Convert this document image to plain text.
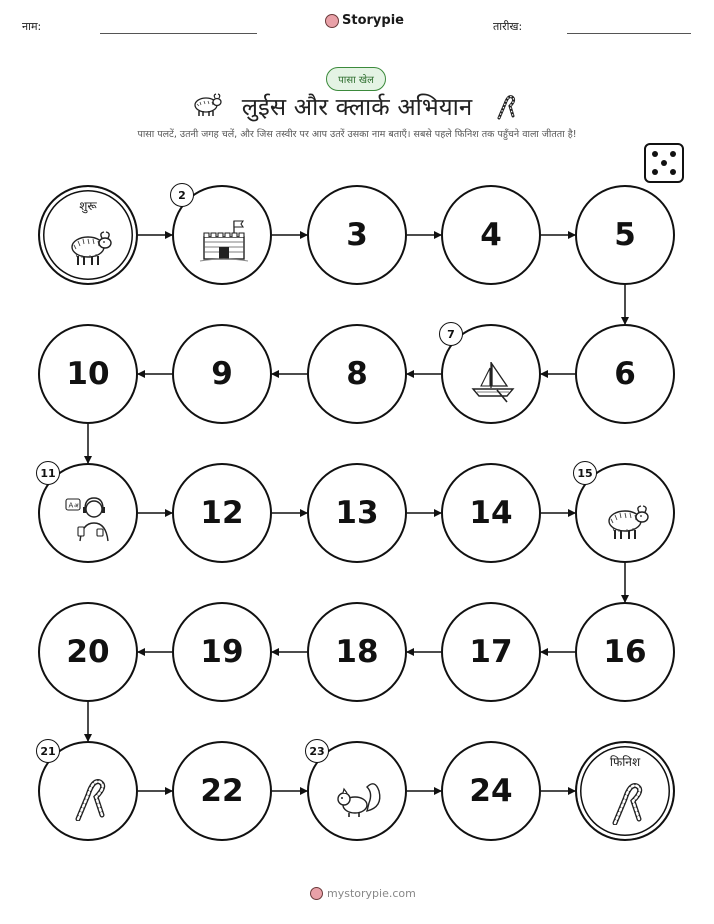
नाम:	Storypie	तारीख:
पासा खेल
लुईस और क्लार्क अभियान
पासा पलटें, उतनी जगह चलें, और जिस तस्वीर पर आप उतरें उसका नाम बताएँ। सबसे पहले फिनिश तक पहुँचने वाला जीतता है!
शुरू
2
3	4	5
6
7
8
9
10
A अ
11
12	13	14
15
16
17
18
19
20
21
22
23
24
फिनिश
mystorypie.com
